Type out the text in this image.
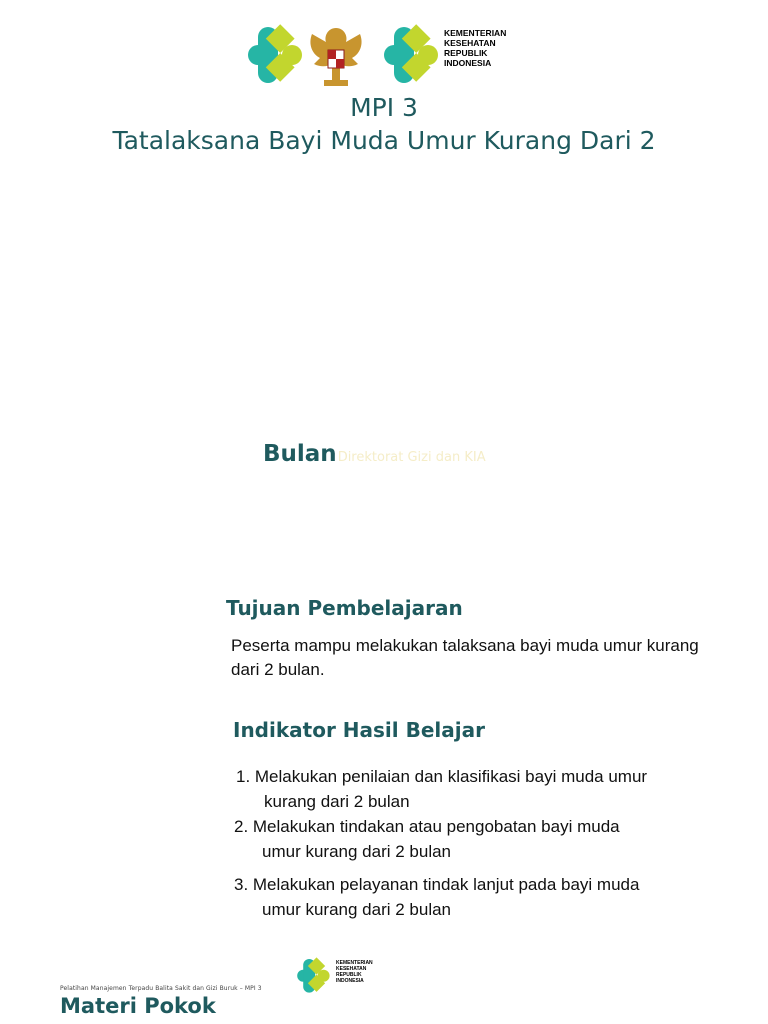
KEMENTERIAN
KESEHATAN
REPUBLIK
INDONESIA
MPI 3
Tatalaksana Bayi Muda Umur Kurang Dari 2
BulanDirektorat Gizi dan KIA
Tujuan Pembelajaran
Peserta mampu melakukan talaksana bayi muda umur kurang dari 2 bulan.
Indikator Hasil Belajar
1. Melakukan penilaian dan klasifikasi bayi muda umur
kurang dari 2 bulan
2. Melakukan tindakan atau pengobatan bayi muda
umur kurang dari 2 bulan
3. Melakukan pelayanan tindak lanjut pada bayi muda
umur kurang dari 2 bulan
Pelatihan Manajemen Terpadu Balita Sakit dan Gizi Buruk – MPI 3
KEMENTERIAN
KESEHATAN
REPUBLIK
INDONESIA
Materi Pokok
